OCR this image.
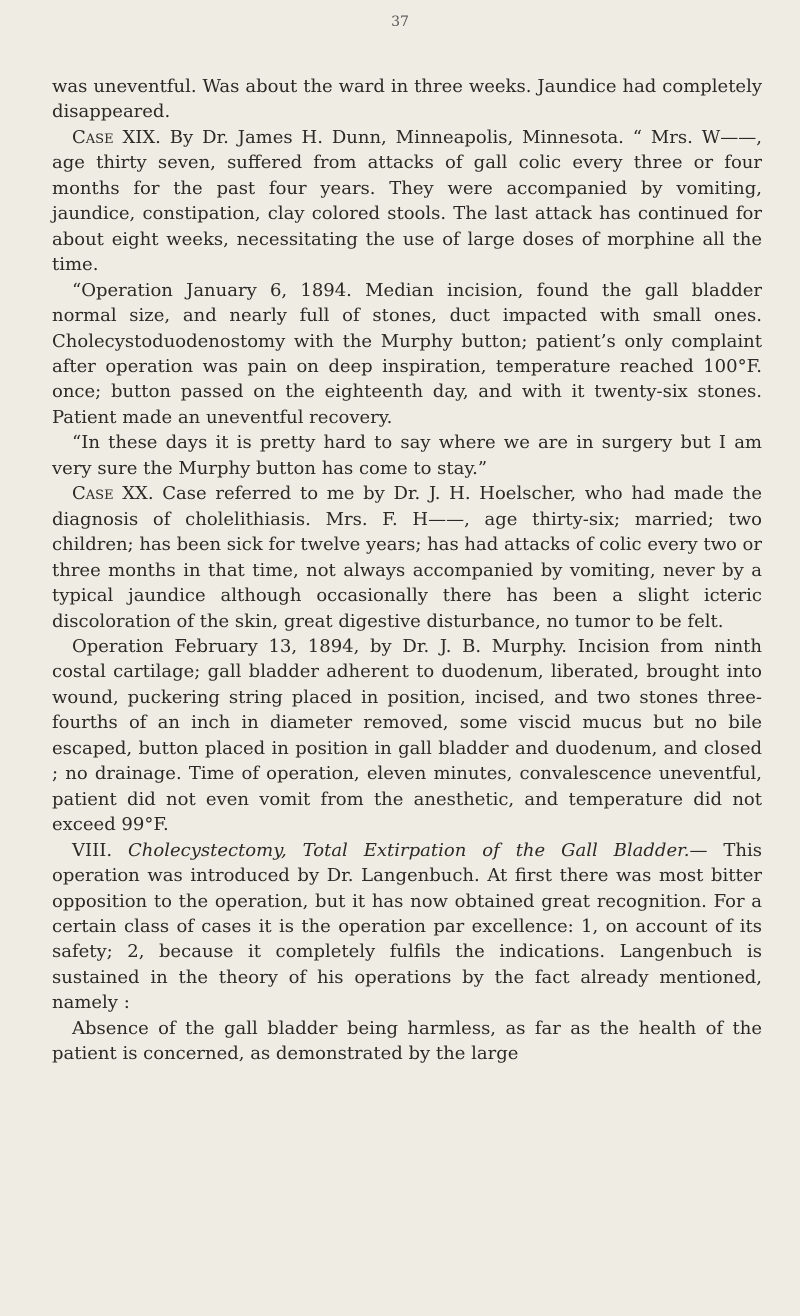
37

was uneventful. Was about the ward in three weeks. Jaundice had completely disappeared.

Case XIX. By Dr. James H. Dunn, Minneapolis, Minnesota. “ Mrs. W——, age thirty seven, suffered from attacks of gall colic every three or four months for the past four years. They were accompanied by vomiting, jaundice, constipation, clay colored stools. The last attack has continued for about eight weeks, necessitating the use of large doses of morphine all the time.

“Operation January 6, 1894. Median incision, found the gall bladder normal size, and nearly full of stones, duct impacted with small ones. Cholecystoduodenostomy with the Murphy button; patient’s only complaint after operation was pain on deep inspiration, temperature reached 100°F. once; button passed on the eighteenth day, and with it twenty-six stones. Patient made an uneventful recovery.

“In these days it is pretty hard to say where we are in surgery but I am very sure the Murphy button has come to stay.”

Case XX. Case referred to me by Dr. J. H. Hoelscher, who had made the diagnosis of cholelithiasis. Mrs. F. H——, age thirty-six; married; two children; has been sick for twelve years; has had attacks of colic every two or three months in that time, not always accompanied by vomiting, never by a typical jaundice although occasionally there has been a slight icteric discoloration of the skin, great digestive disturbance, no tumor to be felt.

Operation February 13, 1894, by Dr. J. B. Murphy. Incision from ninth costal cartilage; gall bladder adherent to duodenum, liberated, brought into wound, puckering string placed in position, incised, and two stones three-fourths of an inch in diameter removed, some viscid mucus but no bile escaped, button placed in position in gall bladder and duodenum, and closed ; no drainage. Time of operation, eleven minutes, convalescence uneventful, patient did not even vomit from the anesthetic, and temperature did not exceed 99°F.

VIII. Cholecystectomy, Total Extirpation of the Gall Bladder.— This operation was introduced by Dr. Langenbuch. At first there was most bitter opposition to the operation, but it has now obtained great recognition. For a certain class of cases it is the operation par excellence: 1, on account of its safety; 2, because it completely fulfils the indications. Langenbuch is sustained in the theory of his operations by the fact already mentioned, namely :

Absence of the gall bladder being harmless, as far as the health of the patient is concerned, as demonstrated by the large
